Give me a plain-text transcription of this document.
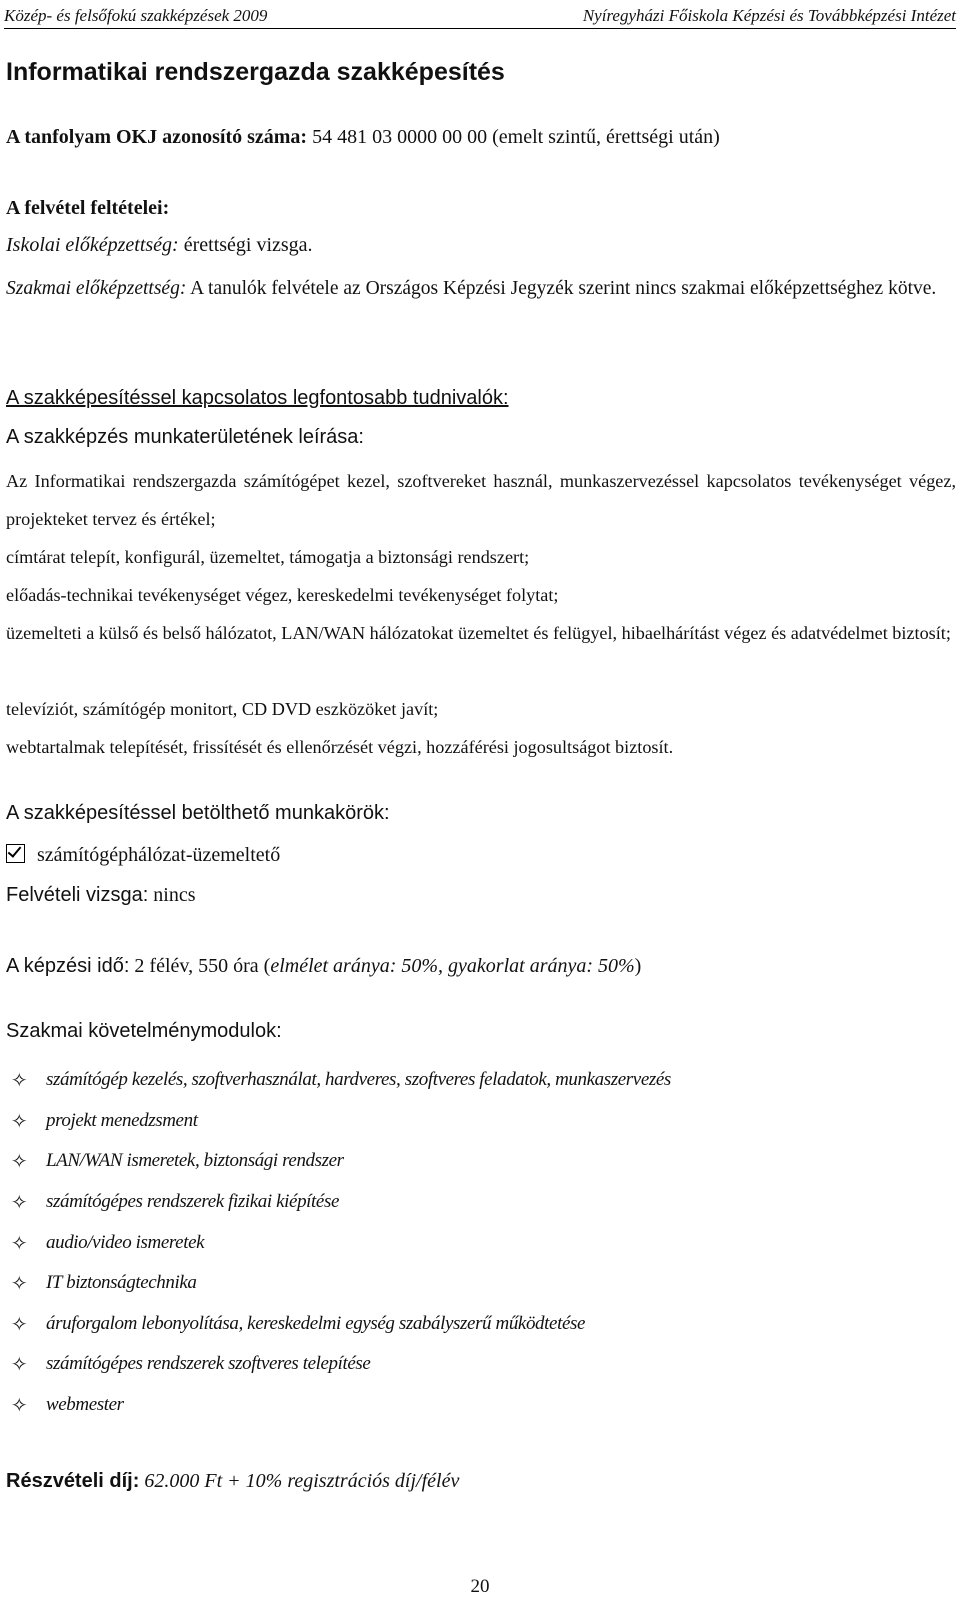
Közép- és felsőfokú szakképzések 2009	Nyíregyházi Főiskola Képzési és Továbbképzési Intézet
Informatikai rendszergazda szakképesítés
A tanfolyam OKJ azonosító száma: 54 481 03 0000 00 00 (emelt szintű, érettségi után)
A felvétel feltételei:
Iskolai előképzettség: érettségi vizsga.

Szakmai előképzettség: A tanulók felvétele az Országos Képzési Jegyzék szerint nincs szakmai előképzettséghez kötve.

A szakképesítéssel kapcsolatos legfontosabb tudnivalók:
A szakképzés munkaterületének leírása:

Az Informatikai rendszergazda számítógépet kezel, szoftvereket használ, munkaszervezéssel kapcsolatos tevékenységet végez, projekteket tervez és értékel;

címtárat telepít, konfigurál, üzemeltet, támogatja a biztonsági rendszert;

előadás-technikai tevékenységet végez, kereskedelmi tevékenységet folytat;

üzemelteti a külső és belső hálózatot, LAN/WAN hálózatokat üzemeltet és felügyel, hibaelhárítást végez és adatvédelmet biztosít;

televíziót, számítógép monitort, CD DVD eszközöket javít;

webtartalmak telepítését, frissítését és ellenőrzését végzi, hozzáférési jogosultságot biztosít.

A szakképesítéssel betölthető munkakörök:
számítógéphálózat-üzemeltető
Felvételi vizsga: nincs
A képzési idő: 2 félév, 550 óra (elmélet aránya: 50%, gyakorlat aránya: 50%)
Szakmai követelménymodulok:
✧ számítógép kezelés, szoftverhasználat, hardveres, szoftveres feladatok, munkaszervezés
✧ projekt menedzsment
✧ LAN/WAN ismeretek, biztonsági rendszer
✧ számítógépes rendszerek fizikai kiépítése
✧ audio/video ismeretek
✧ IT biztonságtechnika
✧ áruforgalom lebonyolítása, kereskedelmi egység szabályszerű működtetése
✧ számítógépes rendszerek szoftveres telepítése
✧ webmester
Részvételi díj: 62.000 Ft + 10% regisztrációs díj/félév
20
